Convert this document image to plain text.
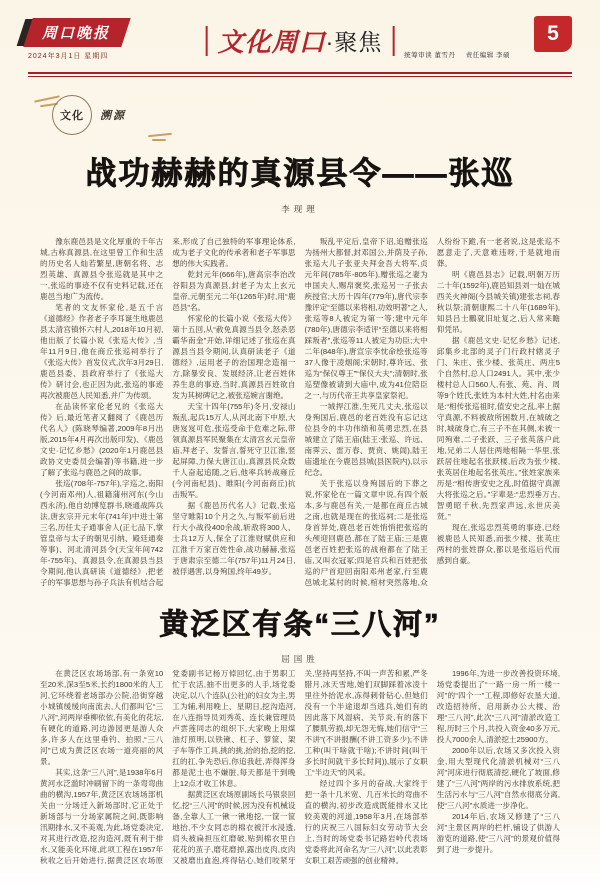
周口晚报
2024年3月1日 星期四	文化周口 ·聚焦
统筹审读 董雪丹 责任编辑 李硕
5
文化 溯源
战功赫赫的真源县令——张巡
李现理

豫东鹿邑县是文化厚重的千年古城,古称真源县,在这里曾工作和生活的历史名人灿若繁星,唐朝名将、志烈英雄、真源县令张巡就是其中之一,张巡的事迹不仅有史料记载,还在鹿邑当地广为流传。

笔者的文友怀家伦,是五千言《道德经》作者老子李耳诞生地鹿邑县太清宫镇怀六村人,2018年10月初,他出版了长篇小说《张巡大传》,当年11月9日,他在商丘张巡祠举行了《张巡大传》首发仪式,次年3月29日,鹿邑县委、县政府举行了《张巡大传》研讨会,也正因为此,张巡的事迹再次被鹿邑人民知悉,并广为传颂。

在品读怀家伦老兄的《张巡大传》后,最近笔者又翻阅了《鹿邑历代名人》(陈晓琴编著,2009年8月出版,2015年4月再次出版印发)、《鹿邑文史·记忆乡愁》(2020年1月鹿邑县政协文史委员会编著)等书籍,进一步了解了张巡与鹿邑之间的故事。

张巡(708年-757年),字巡之,南阳(今河南邓州)人,祖籍蒲州河东(今山西永济),他自幼博览群书,晓通战阵兵法,唐玄宗开元末年(741年)中进士第三名,历任太子通事舍人(正七品下,掌管皇帝与太子的朝见引纳、殿廷通奏等事)、河北清河县令(天宝年间742年-755年)、真源县令,在真源县当县令期间,他认真研读《道德经》,把老子的军事思想与孙子兵法有机结合起来,形成了自己独特的军事理论体系,成为老子文化的传承者和老子军事思想的伟大实践者。

乾封元年(666年),唐高宗李治改谷阳县为真源县,封老子为太上玄元皇帝,元朝至元二年(1265年)时,用“鹿邑县”名。

怀家伦的长篇小说《张巡大传》第十五回,从“赦免真源当县令,怒杀恶霸华南金”开始,详细记述了张巡在真源县当县令期间,认真研读老子《道德经》,运用老子的治国理念造福一方,除暴安良、发展经济,让老百姓休养生息的事迹,当时,真源县百姓欲自发为其树碑记之,被张巡婉言谢绝。

天宝十四年(755年)冬月,安禄山叛乱,起兵15万人,从河北南下中原,大唐岌岌可危,张巡受命于危难之际,带领真源县军民聚集在太清宫玄元皇帝庙,拜老子、发誓言,誓死守卫江淮,竖起屏障,力保大唐江山,真源县民众数千人奋起追随,之后,他率兵转战雍丘(今河南杞县)、睢阳(今河南商丘)抗击叛军。

据《鹿邑历代名人》记载,张巡坚守睢阳10个月之久,与叛军前后进行大小战役400余战,斩敌将300人、士兵12万人,保全了江淮财赋供应和江淮千万家百姓性命,战功赫赫,张巡于唐肃宗至德二年(757年)11月24日,被俘遇害,以身殉国,终年49岁。

叛乱平定后,皇帝下诏,追赠张巡为扬州大都督,封邓国公,并荫及子孙,张巡大儿子张亚夫拜金吾大将军,贞元年间(785年-805年),赠张巡之妻为申国夫人,赐帛褒奖,张巡另一子张去疾授官;大历十四年(779年),唐代宗李豫评定“至德以来将相,功效明著”之人,张巡等8人被定为第一等;建中元年(780年),唐德宗李适评“至德以来将相踩叛者”,张巡等11人被定为功臣;大中二年(848年),唐宣宗李忱命绘张巡等37人像于凌烟阁;宋朝时,尊许远、张巡为“保仪尊王”“保仪大夫”;清朝时,张巡塑像被请到大庙中,成为41位陪臣之一,与历代帝王共享皇家祭祀。

一城捍江淮,生死几丈夫,张巡以身殉国后,鹿邑的老百姓没有忘记这位县令的丰功伟绩和英勇忠烈,在县城建立了陆王庙(陆王:张巡、许远、南霁云、雷万春、贾贲、姚訚),陆王庙遗址在今鹿邑县城(县医院内),以示纪念。

关于张巡以身殉国后的下葬之说,怀家伦在一篇文章中说,有四个版本,多与鹿邑有关,一是都在商丘古城之南,也就是现在的张巡祠;二是张巡身首异处,鹿邑老百姓悄悄把张巡的头颅迎回鹿邑,都在了陆王庙;三是鹿邑老百姓把张巡的战袍都在了陆王庙,又叫衣冠冢;四是官兵和百姓把张巡的尸首迎回南阳邓州老家,行至鹿邑城北某村的时候,棺材突然落地,众人纷纷下跪,有一老者说,这是张巡不愿意走了,天意难违呀,于是就地而葬。

明《鹿邑县志》记载,明朝万历二十年(1592年),鹿邑知县刘一灿在城西关火神阁(今县城关镇)建张志祠,春秋以祭;清朝康熙二十八年(1689年),知县吕士鵬就旧址复之,后人常来瞻仰凭吊。

据《鹿邑文史·记忆乡愁》记述,邱集乡北部的灵子门行政村辖灵子门、朱庄、张少楼、张英庄、两庄5个自然村,总人口2491人。其中,张少楼村总人口560人,有张、苑、肖、周等9个姓氏,张姓为本村大姓,村名由来是:“相传张巡祖时,值安史之乱,率上据守真源,不料被敌所困数月,在城破之时,城破身亡,有三子不在其侧,未被一同殉难,二子张跃、三子张英落户此地,兄弟二人居住两地相隔一华里,张跃居住地起名张跃楼,后改为张少楼,张英居住地起名张英庄。”张姓家族来历是:“相传唐安史之乱,时值据守真源大将张巡之后。”字辈是:“忠烈垂万古,智勇昭千秋,先烈家声远,永世庆美贤。”

现在,张巡忠烈英勇的事迹,已经被鹿邑人民知悉,而张少楼、张英庄两村的张姓群众,都以是张巡后代而感到自豪。

黄泛区有条“三八河”
屈国胜

在黄泛区农场场部,有一条宽10至20米,深3至5米,长约1800米的人工河,它环绕着老场部办公院,沿街穿越小城镇缓缓向南流去,人们都叫它“三八河”,河两岸垂柳依依,有美化的花坛,有硬化的道路,河边游园更是游人众多,许多人在这里垂钓、拍照,“三八河”已成为黄泛区农场一道亮丽的风景。

其实,这条“三八河”,是1938年6月黄河水泛滥时冲刷留下的一条弯弯曲曲的横沟,1957年,黄泛区农场场部机关由一分场迁入新场部时,它正处于新场部与一分场家属院之间,既影响汛期排水,又不美观,为此,场党委决定,对其进行改造,挖沟造河,既有利于排水,又能美化环境,此项工程在1957年秋收之后开始进行,据黄泛区农场原党委副书记杨万倬回忆,由于男职工忙于农活,抽不出更多的人手,场党委决定,以八个连队(公社)的妇女为主,男工为辅,利用晚上、星期日,挖沟造河,在八连指导员刘秀英、连长兼管理员卢雲莲同志的组织下,大家晚上用煤油灯照明,以铁锹、杠子、箩筐、架子车等作工具,挑的挑,抬的抬,挖的挖,扛的扛,争先恐后,你追我赶,弄得浑身都是泥土也不嫌脏,每天都是干到晚上12点才收工休息。

据黄泛区农场原副场长马银泉回忆,挖“三八河”的时候,因为没有机械设备,全靠人工一锹一锹地挖,一筐一筐地抬,不少女同志的棉衣被汗水浸透,肩头被扁担压红磨破,贴到棉衣里白花花的茧子,磨花磨掉,露出皮肉,皮肉又被磨出血泡,疼得钻心,她们咬紧牙关,坚持再坚持,不叫一声苦和累,严冬腊月,冰天雪地,她们双脚踩着冰凌十里往外抬泥水,冻得刺骨钻心,但她们没有一个半途退却当逃兵,她们有的因此落下风湿病、关节炎,有的落下了腰肌劳损,却无怨无悔,她们信守“三不讲”(不讲报酬(不讲工资多少);不讲工种(叫干啥就干啥);不讲时间(叫干多长时间就干多长时间)),展示了女职工“半边天”的风采。

经过四个多月的奋战,大家终于把一条十几米宽、几百米长的弯曲不直的横沟,初步改造成既能排水又比较美观的河道,1958年3月,在场部举行的庆祝三八国际妇女劳动节大会上,当时的场党委书记路岩岭代表场党委将此河命名为“三八河”,以此表彰女职工艰苦顽强的创业精神。

1996年,为进一步改善投资环境,场党委提出了“一路一房一所一楼一河”的“四个一”工程,即修好农垦大道,改造招待所、启用新办公大楼、治理“三八河”,此次“三八河”清淤改造工程,历时三个月,共投入资金40多万元,投人7000余人,清淤挖土25900方。

2000年以后,农场又多次投入资金,用大型现代化清淤机械对“三八河”河床进行彻底清挖,硬化了坡面,修建了“三八河”两岸的污水排放系统,把生活污水与“三八河”自然水彻底分离,使“三八河”水质进一步净化。

2014年后,农场又修建了“三八河”主景区两岸的栏杆,铺设了供游人游览的道路,使“三八河”的景观价值得到了进一步提升。
